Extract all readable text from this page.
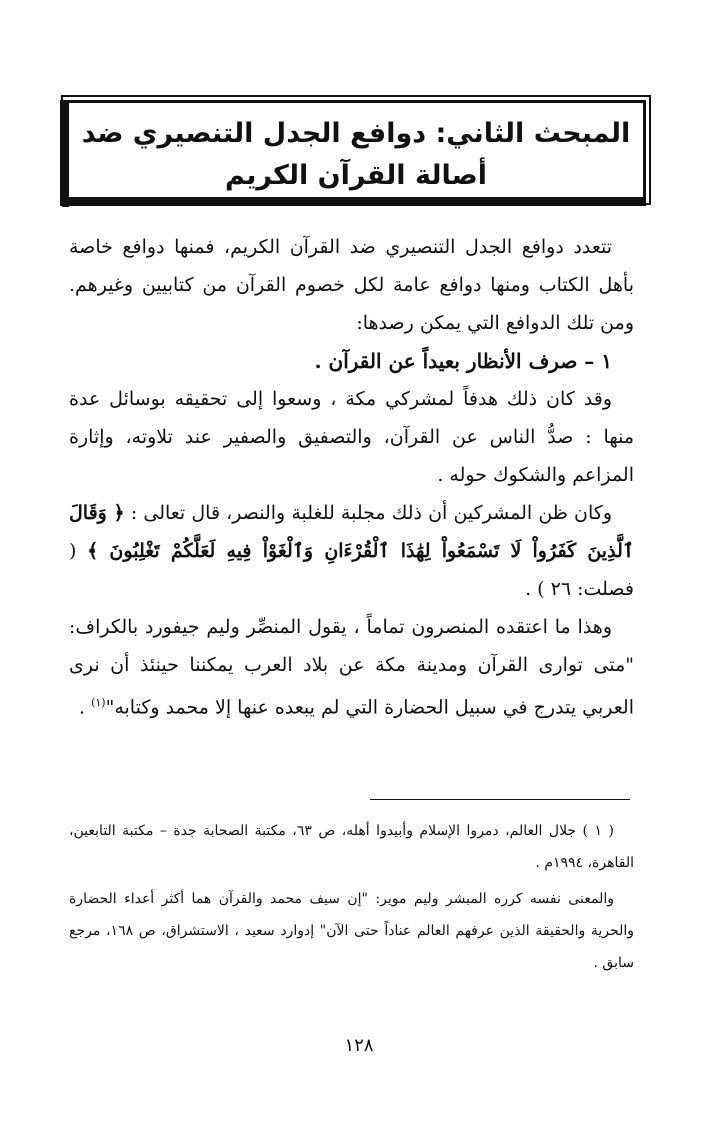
المبحث الثاني: دوافع الجدل التنصيري ضد أصالة القرآن الكريم

تتعدد دوافع الجدل التنصيري ضد القرآن الكريم، فمنها دوافع خاصة بأهل الكتاب ومنها دوافع عامة لكل خصوم القرآن من كتابيين وغيرهم. ومن تلك الدوافع التي يمكن رصدها:

١ – صرف الأنظار بعيداً عن القرآن .

وقد كان ذلك هدفاً لمشركي مكة ، وسعوا إلى تحقيقه بوسائل عدة منها : صدُّ الناس عن القرآن، والتصفيق والصفير عند تلاوته، وإثارة المزاعم والشكوك حوله .

وكان ظن المشركين أن ذلك مجلبة للغلبة والنصر، قال تعالى : ﴿ وَقَالَ ٱلَّذِينَ كَفَرُواْ لَا تَسْمَعُواْ لِهَٰذَا ٱلْقُرْءَانِ وَٱلْغَوْاْ فِيهِ لَعَلَّكُمْ تَغْلِبُونَ ﴾ ( فصلت: ٢٦ ) .

وهذا ما اعتقده المنصرون تماماً ، يقول المنصِّر وليم جيفورد بالكراف: "متى توارى القرآن ومدينة مكة عن بلاد العرب يمكننا حينئذ أن نرى العربي يتدرج في سبيل الحضارة التي لم يبعده عنها إلا محمد وكتابه"$^{(١)}$ .

( ١ ) جلال العالم، دمروا الإسلام وأبيدوا أهله، ص ٦٣، مكتبة الصحابة جدة – مكتبة التابعين، القاهرة، ١٩٩٤م .

والمعنى نفسه كرره المبشر وليم موير: "إن سيف محمد والقرآن هما أكثر أعداء الحضارة والحرية والحقيقة الذين عرفهم العالم عناداً حتى الآن" إدوارد سعيد ، الاستشراق، ص ١٦٨، مرجع سابق .

١٢٨
